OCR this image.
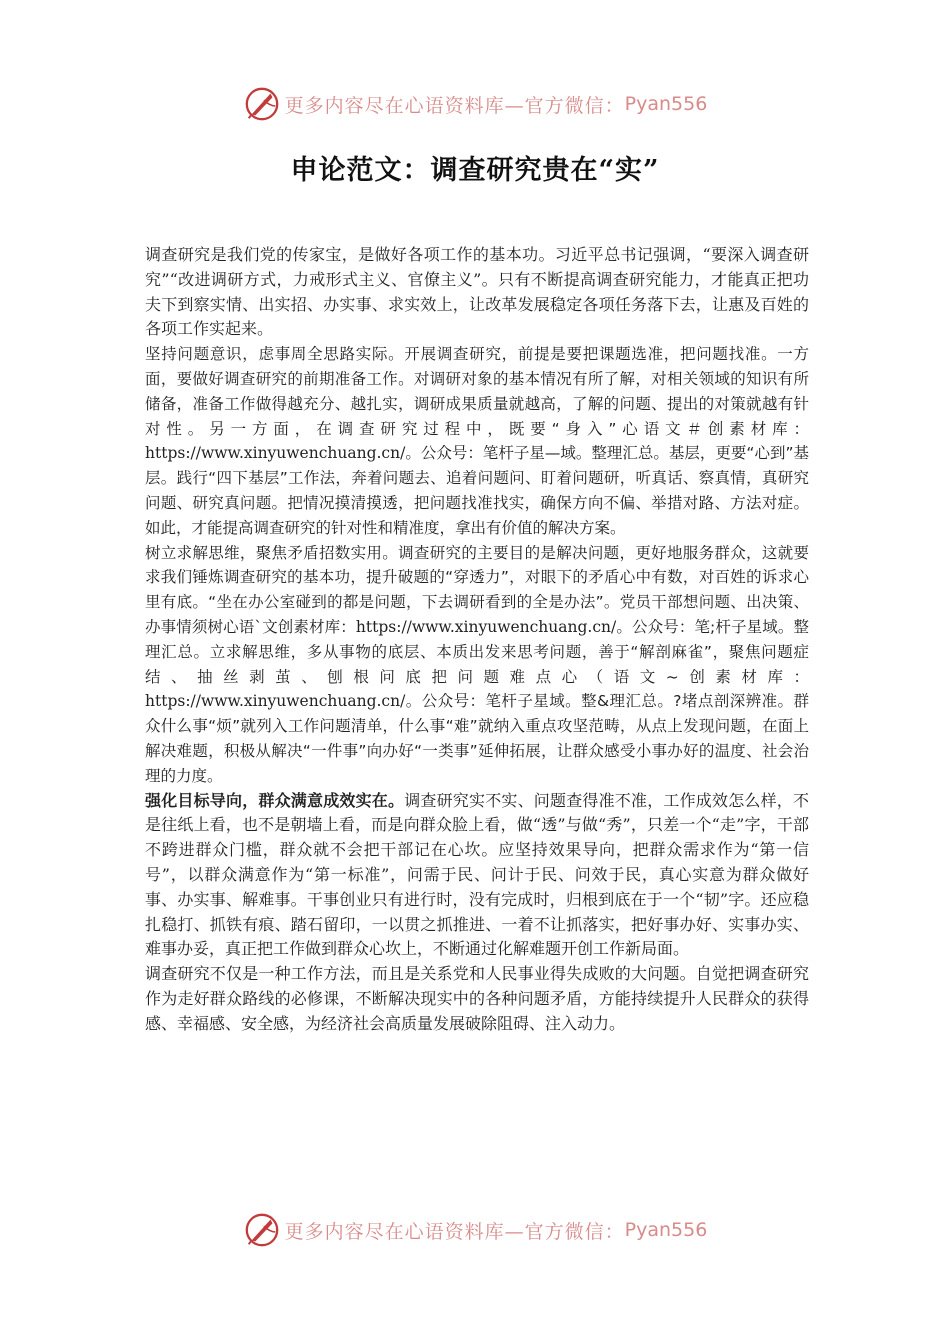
更多内容尽在心语资料库—官方微信： Pyan556
申论范文：调查研究贵在“实”

调查研究是我们党的传家宝，是做好各项工作的基本功。习近平总书记强调，“要深入调查研究”“改进调研方式，力戒形式主义、官僚主义”。只有不断提高调查研究能力，才能真正把功夫下到察实情、出实招、办实事、求实效上，让改革发展稳定各项任务落下去，让惠及百姓的各项工作实起来。

坚持问题意识，虑事周全思路实际。开展调查研究，前提是要把课题选准，把问题找准。一方面，要做好调查研究的前期准备工作。对调研对象的基本情况有所了解，对相关领域的知识有所储备，准备工作做得越充分、越扎实，调研成果质量就越高，了解的问题、提出的对策就越有针对性。另一方面，在调查研究过程中，既要“身入”心语文＃创素材库：https://www.xinyuwenchuang.cn/。公众号：笔杆子星—域。整理汇总。基层，更要“心到”基层。践行“四下基层”工作法，奔着问题去、追着问题问、盯着问题研，听真话、察真情，真研究问题、研究真问题。把情况摸清摸透，把问题找准找实，确保方向不偏、举措对路、方法对症。如此，才能提高调查研究的针对性和精准度，拿出有价值的解决方案。

树立求解思维，聚焦矛盾招数实用。调查研究的主要目的是解决问题，更好地服务群众，这就要求我们锤炼调查研究的基本功，提升破题的“穿透力”，对眼下的矛盾心中有数，对百姓的诉求心里有底。“坐在办公室碰到的都是问题，下去调研看到的全是办法”。党员干部想问题、出决策、办事情须树心语`文创素材库：https://www.xinyuwenchuang.cn/。公众号：笔;杆子星域。整理汇总。立求解思维，多从事物的底层、本质出发来思考问题，善于“解剖麻雀”，聚焦问题症结、抽丝剥茧、刨根问底把问题难点心（语文~创素材库：https://www.xinyuwenchuang.cn/。公众号：笔杆子星域。整&理汇总。?堵点剖深辨准。群众什么事“烦”就列入工作问题清单，什么事“难”就纳入重点攻坚范畴，从点上发现问题，在面上解决难题，积极从解决“一件事”向办好“一类事”延伸拓展，让群众感受小事办好的温度、社会治理的力度。

强化目标导向，群众满意成效实在。调查研究实不实、问题查得准不准，工作成效怎么样，不是往纸上看，也不是朝墙上看，而是向群众脸上看，做“透”与做“秀”，只差一个“走”字，干部不跨进群众门槛，群众就不会把干部记在心坎。应坚持效果导向，把群众需求作为“第一信号”，以群众满意作为“第一标准”，问需于民、问计于民、问效于民，真心实意为群众做好事、办实事、解难事。干事创业只有进行时，没有完成时，归根到底在于一个“韧”字。还应稳扎稳打、抓铁有痕、踏石留印，一以贯之抓推进、一着不让抓落实，把好事办好、实事办实、难事办妥，真正把工作做到群众心坎上，不断通过化解难题开创工作新局面。

调查研究不仅是一种工作方法，而且是关系党和人民事业得失成败的大问题。自觉把调查研究作为走好群众路线的必修课，不断解决现实中的各种问题矛盾，方能持续提升人民群众的获得感、幸福感、安全感，为经济社会高质量发展破除阻碍、注入动力。

更多内容尽在心语资料库—官方微信： Pyan556
